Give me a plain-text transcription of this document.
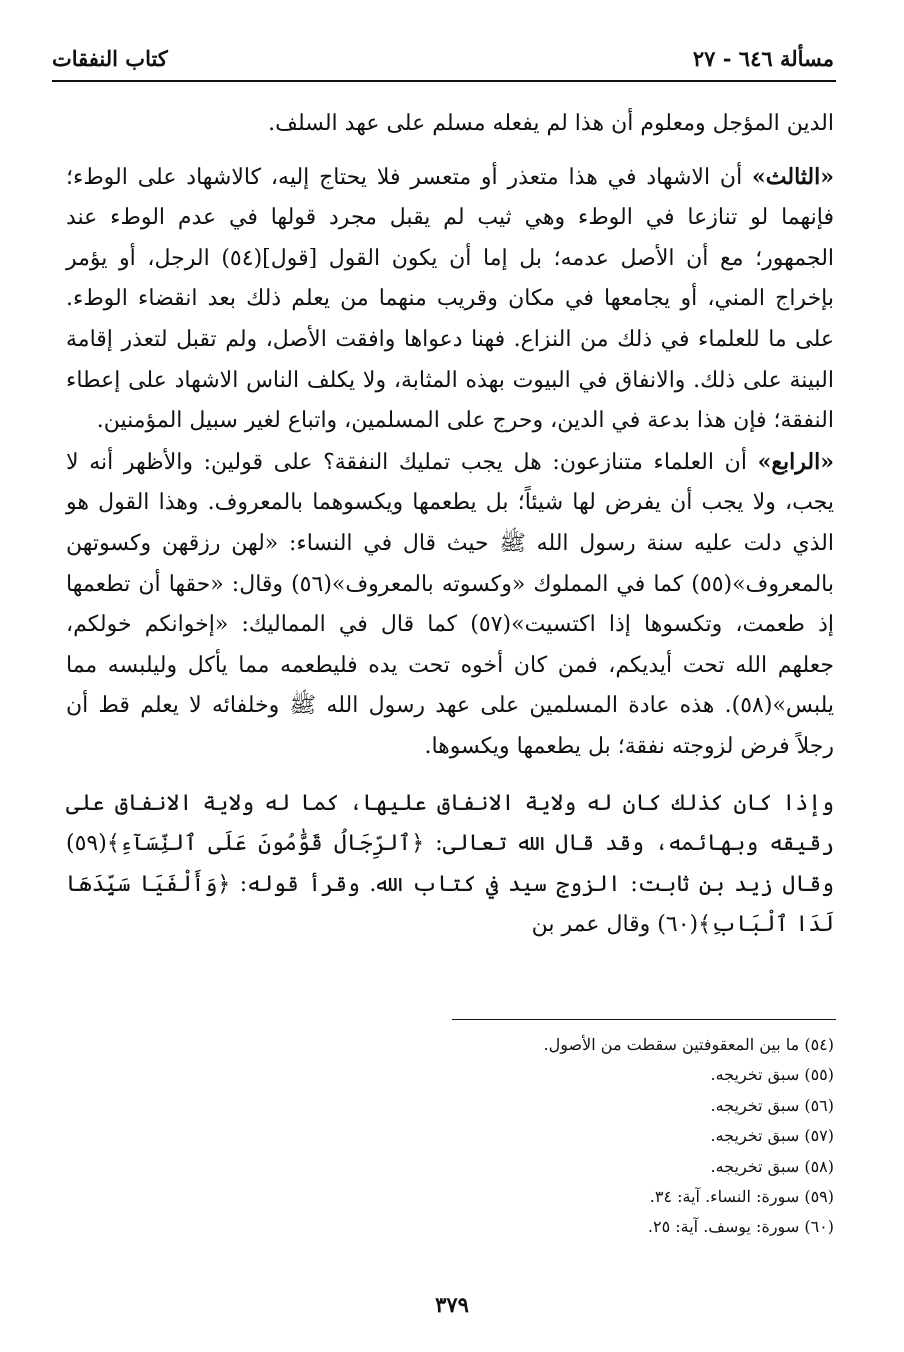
مسألة ٦٤٦ - ٢٧
كتاب النفقات

الدين المؤجل ومعلوم أن هذا لم يفعله مسلم على عهد السلف.

«الثالث» أن الاشهاد في هذا متعذر أو متعسر فلا يحتاج إليه، كالاشهاد على الوطء؛ فإنهما لو تنازعا في الوطء وهي ثيب لم يقبل مجرد قولها في عدم الوطء عند الجمهور؛ مع أن الأصل عدمه؛ بل إما أن يكون القول [قول](٥٤) الرجل، أو يؤمر بإخراج المني، أو يجامعها في مكان وقريب منهما من يعلم ذلك بعد انقضاء الوطء. على ما للعلماء في ذلك من النزاع. فهنا دعواها وافقت الأصل، ولم تقبل لتعذر إقامة البينة على ذلك. والانفاق في البيوت بهذه المثابة، ولا يكلف الناس الاشهاد على إعطاء النفقة؛ فإن هذا بدعة في الدين، وحرج على المسلمين، واتباع لغير سبيل المؤمنين.

«الرابع» أن العلماء متنازعون: هل يجب تمليك النفقة؟ على قولين: والأظهر أنه لا يجب، ولا يجب أن يفرض لها شيئاً؛ بل يطعمها ويكسوهما بالمعروف. وهذا القول هو الذي دلت عليه سنة رسول الله ﷺ حيث قال في النساء: «لهن رزقهن وكسوتهن بالمعروف»(٥٥) كما في المملوك «وكسوته بالمعروف»(٥٦) وقال: «حقها أن تطعمها إذ طعمت، وتكسوها إذا اكتسيت»(٥٧) كما قال في المماليك: «إخوانكم خولكم، جعلهم الله تحت أيديكم، فمن كان أخوه تحت يده فليطعمه مما يأكل وليلبسه مما يلبس»(٥٨). هذه عادة المسلمين على عهد رسول الله ﷺ وخلفائه لا يعلم قط أن رجلاً فرض لزوجته نفقة؛ بل يطعمها ويكسوها.

وإذا كان كذلك كان له ولاية الانفاق عليها، كما له ولاية الانفاق على رقيقه وبهائمه، وقد قال الله تعالى: ﴿ٱلرِّجَالُ قَوَّٰمُونَ عَلَى ٱلنِّسَآءِ﴾(٥٩) وقال زيد بن ثابت: الزوج سيد في كتاب الله. وقرأ قوله: ﴿وَأَلْفَيَا سَيِّدَهَا لَدَا ٱلْبَابِ﴾(٦٠) وقال عمر بن

(٥٤) ما بين المعقوفتين سقطت من الأصول.
(٥٥) سبق تخريجه.
(٥٦) سبق تخريجه.
(٥٧) سبق تخريجه.
(٥٨) سبق تخريجه.
(٥٩) سورة: النساء. آية: ٣٤.
(٦٠) سورة: يوسف. آية: ٢٥.
٣٧٩
